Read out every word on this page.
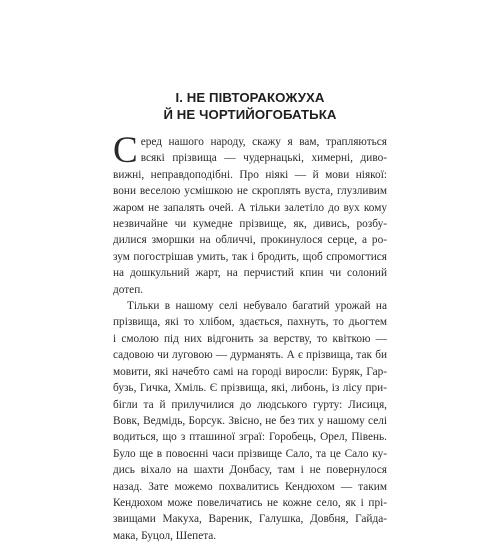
І. НЕ ПІВТОРАКОЖУХА
Й НЕ ЧОРТИЙОГОБАТЬКА
С еред нашого народу, скажу я вам, трапляються
всякі прізвища — чудернацькі, химерні, диво-
вижні, неправдоподібні. Про ніякі — й мови ніякої:
вони веселою усмішкою не скроплять вуста, глузливим
жаром не запалять очей. А тільки залетіло до вух кому
незвичайне чи кумедне прізвище, як, дивись, розбу-
дилися зморшки на обличчі, прокинулося серце, а ро-
зум погострішав умить, так і бродить, щоб спромогтися
на дошкульний жарт, на перчистий кпин чи солоний
дотеп.
Тільки в нашому селі небувало багатий урожай на
прізвища, які то хлібом, здається, пахнуть, то дьогтем
і смолою під них відгонить за верству, то квіткою —
садовою чи луговою — дурманять. А є прізвища, так би
мовити, які начебто самі на городі виросли: Буряк, Гар-
бузь, Гичка, Хміль. Є прізвища, які, либонь, із лісу при-
бігли та й прилучилися до людського гурту: Лисиця,
Вовк, Ведмідь, Борсук. Звісно, не без тих у нашому селі
водиться, що з пташиної зграї: Горобець, Орел, Півень.
Було ще в повоєнні часи прізвище Сало, та це Сало ку-
дись віхало на шахти Донбасу, там і не повернулося
назад. Зате можемо похвалитись Кендюхом — таким
Кендюхом може повеличатись не кожне село, як і прі-
звищами Макуха, Вареник, Галушка, Довбня, Гайда-
мака, Буцол, Шепета.
